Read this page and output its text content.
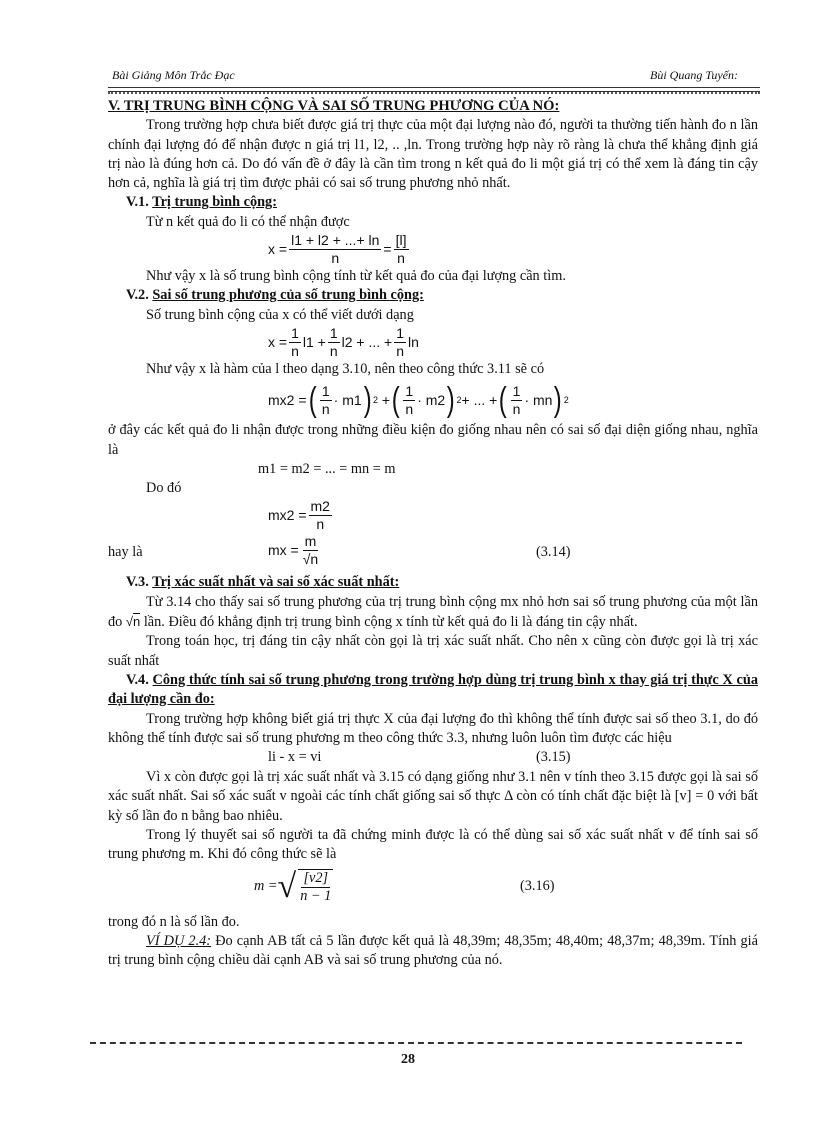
Bài Giảng Môn Trắc Đạc	Bùi Quang Tuyến:

V. TRỊ TRUNG BÌNH CỘNG VÀ SAI SỐ TRUNG PHƯƠNG CỦA NÓ:

Trong trường hợp chưa biết được giá trị thực của một đại lượng nào đó, người ta thường tiến hành đo n lần chính đại lượng đó để nhận được n giá trị l1, l2, .. ,ln. Trong trường hợp này rõ ràng là chưa thể khẳng định giá trị nào là đúng hơn cả. Do đó vấn đề ở đây là cần tìm trong n kết quả đo li một giá trị có thể xem là đáng tin cậy hơn cả, nghĩa là giá trị tìm được phải có sai số trung phương nhỏ nhất.

V.1. Trị trung bình cộng:

Từ n kết quả đo li có thể nhận được

$x = \frac{l1 + l2 + ...+ \ln}{n} = \frac{[l]}{n}$

Như vậy x là số trung bình cộng tính từ kết quả đo của đại lượng cần tìm.

V.2. Sai số trung phương của số trung bình cộng:

Số trung bình cộng của x có thể viết dưới dạng

$x = \frac{1}{n} l1 + \frac{1}{n} l2$ + ... + $\frac{1}{n}$ ln

Như vậy x là hàm của l theo dạng 3.10, nên theo công thức 3.11 sẽ có

mx2 = ( $\frac{1}{n} \cdot m1$ ) 2 + ( $\frac{1}{n} \cdot m2$ ) 2 + ... + ( $\frac{1}{n}$ · mn ) 2

ở đây các kết quả đo li nhận được trong những điều kiện đo giống nhau nên có sai số đại diện giống nhau, nghĩa là

m1 = m2 = ... = mn = m

Do đó

$mx2 = \frac{m2}{n}$
hay là	mx = $\frac{m}{√n}$	(3.14)

V.3. Trị xác suất nhất và sai số xác suất nhất:

Từ 3.14 cho thấy sai số trung phương của trị trung bình cộng mx nhỏ hơn sai số trung phương của một lần đo √n lần. Điều đó khẳng định trị trung bình cộng x tính từ kết quả đo li là đáng tin cậy nhất.

Trong toán học, trị đáng tin cậy nhất còn gọi là trị xác suất nhất. Cho nên x cũng còn được gọi là trị xác suất nhất

V.4. Công thức tính sai số trung phương trong trường hợp dùng trị trung bình x thay giá trị thực X của đại lượng cần đo:

Trong trường hợp không biết giá trị thực X của đại lượng đo thì không thể tính được sai số theo 3.1, do đó không thể tính được sai số trung phương m theo công thức 3.3, nhưng luôn luôn tìm được các hiệu

li - x = vi	(3.15)

Vì x còn được gọi là trị xác suất nhất và 3.15 có dạng giống như 3.1 nên v tính theo 3.15 được gọi là sai số xác suất nhất. Sai số xác suất v ngoài các tính chất giống sai số thực Δ còn có tính chất đặc biệt là [v] = 0 với bất kỳ số lần đo n bằng bao nhiêu.

Trong lý thuyết sai số người ta đã chứng minh được là có thể dùng sai số xác suất nhất v để tính sai số trung phương m. Khi đó công thức sẽ là

m = √ $\frac{[v2]}{n - 1}$	(3.16)

trong đó n là số lần đo.

VÍ DỤ 2.4: Đo cạnh AB tất cả 5 lần được kết quả là 48,39m; 48,35m; 48,40m; 48,37m; 48,39m. Tính giá trị trung bình cộng chiều dài cạnh AB và sai số trung phương của nó.

28
